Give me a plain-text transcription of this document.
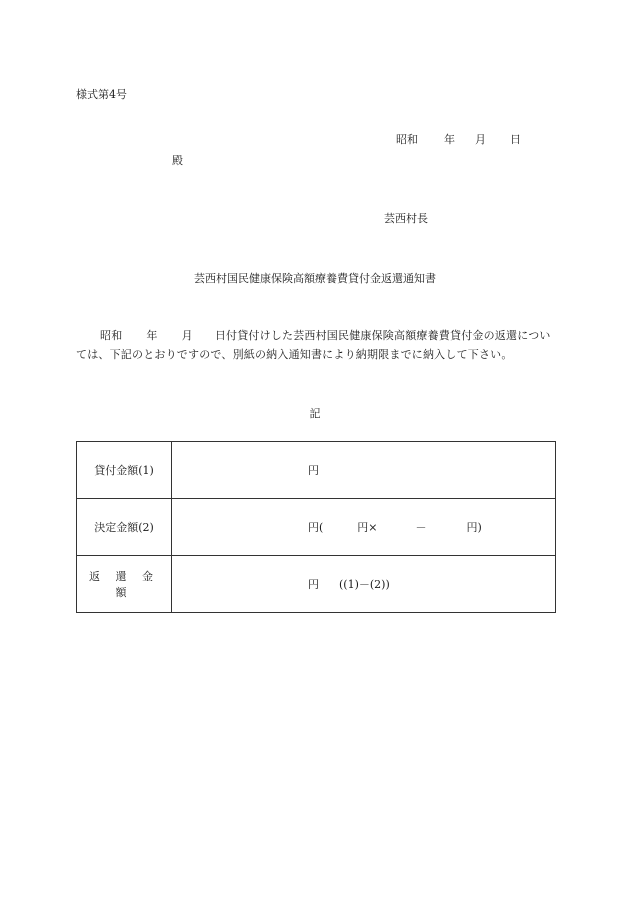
様式第4号
昭和 年 月 日
殿
芸西村長
芸西村国民健康保険高額療養費貸付金返還通知書
昭和 年 月 日付貸付けした芸西村国民健康保険高額療養費貸付金の返還については、下記のとおりですので、別紙の納入通知書により納期限までに納入して下さい。
記
貸付金額(1)	円

決定金額(2)	円( 円× － 円)

返 還 金 額	円 ((1)－(2))
